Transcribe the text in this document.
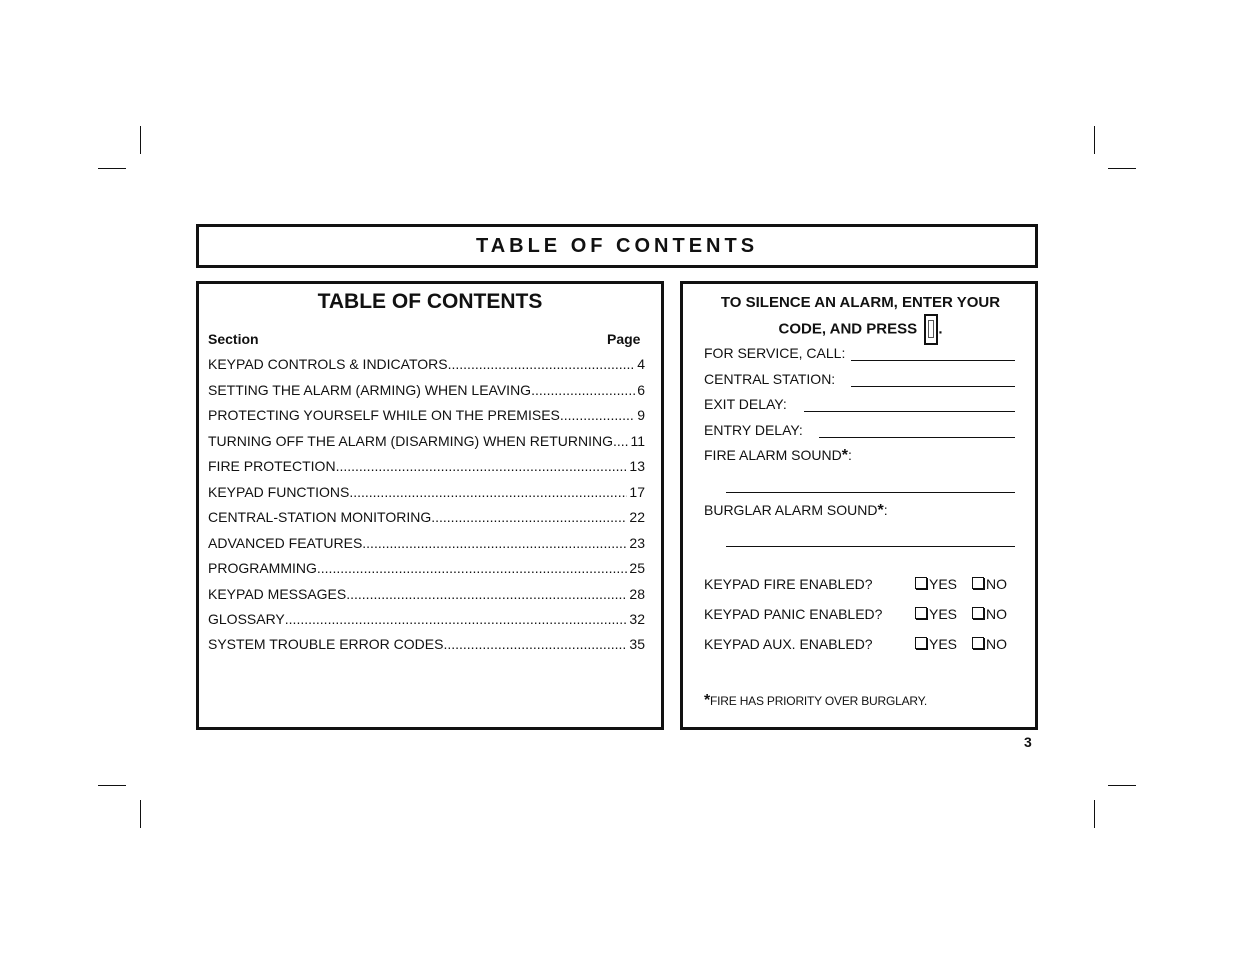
TABLE OF CONTENTS
TABLE OF CONTENTS
Section	Page
KEYPAD CONTROLS & INDICATORS .....	4
SETTING THE ALARM (ARMING) WHEN LEAVING .....	6
PROTECTING YOURSELF WHILE ON THE PREMISES .....	9
TURNING OFF THE ALARM (DISARMING) WHEN RETURNING ..... 11
FIRE PROTECTION .....	13
KEYPAD FUNCTIONS .....	17
CENTRAL-STATION MONITORING .....	22
ADVANCED FEATURES .....	23
PROGRAMMING .....	25
KEYPAD MESSAGES .....	28
GLOSSARY .....	32
SYSTEM TROUBLE ERROR CODES .....	35
TO SILENCE AN ALARM, ENTER YOUR
CODE, AND PRESS .
FOR SERVICE, CALL:
CENTRAL STATION:
EXIT DELAY:
ENTRY DELAY:
FIRE ALARM SOUND*:
BURGLAR ALARM SOUND*:
KEYPAD FIRE ENABLED?	YES	NO
KEYPAD PANIC ENABLED?	YES	NO
KEYPAD AUX. ENABLED?	YES	NO
*FIRE HAS PRIORITY OVER BURGLARY.
3
